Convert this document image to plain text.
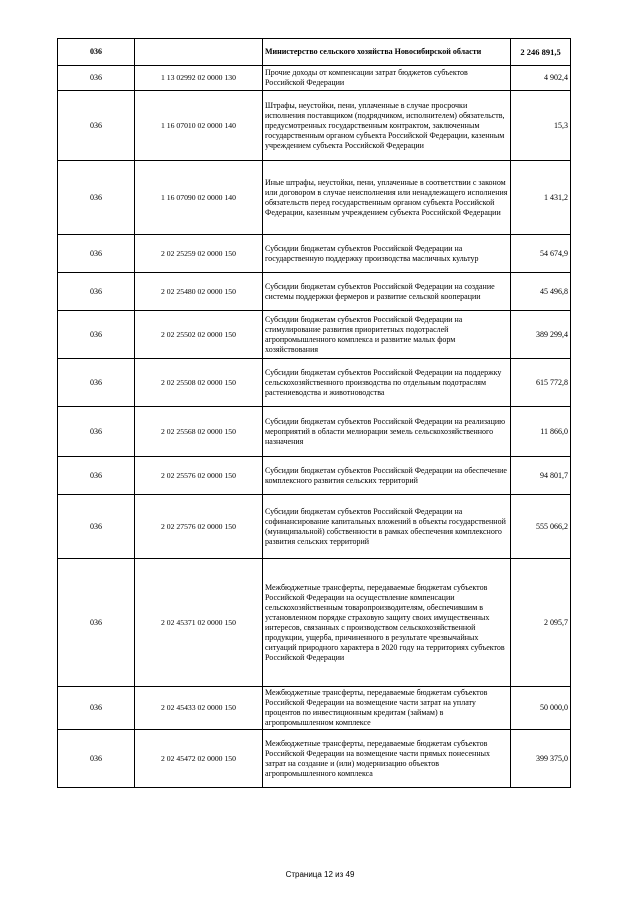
036		Министерство сельского хозяйства Новосибирской области	2 246 891,5
036	1 13 02992 02 0000 130	Прочие доходы от компенсации затрат бюджетов субъектов Российской Федерации	4 902,4
036	1 16 07010 02 0000 140	Штрафы, неустойки, пени, уплаченные в случае просрочки исполнения поставщиком (подрядчиком, исполнителем) обязательств, предусмотренных государственным контрактом, заключенным государственным органом субъекта Российской Федерации, казенным учреждением субъекта Российской Федерации	15,3
036	1 16 07090 02 0000 140	Иные штрафы, неустойки, пени, уплаченные в соответствии с законом или договором в случае неисполнения или ненадлежащего исполнения обязательств перед государственным органом субъекта Российской Федерации, казенным учреждением субъекта Российской Федерации	1 431,2
036	2 02 25259 02 0000 150	Субсидии бюджетам субъектов Российской Федерации на государственную поддержку производства масличных культур	54 674,9
036	2 02 25480 02 0000 150	Субсидии бюджетам субъектов Российской Федерации на создание системы поддержки фермеров и развитие сельской кооперации	45 496,8
036	2 02 25502 02 0000 150	Субсидии бюджетам субъектов Российской Федерации на стимулирование развития приоритетных подотраслей агропромышленного комплекса и развитие малых форм хозяйствования	389 299,4
036	2 02 25508 02 0000 150	Субсидии бюджетам субъектов Российской Федерации на поддержку сельскохозяйственного производства по отдельным подотраслям растениеводства и животноводства	615 772,8
036	2 02 25568 02 0000 150	Субсидии бюджетам субъектов Российской Федерации на реализацию мероприятий в области мелиорации земель сельскохозяйственного назначения	11 866,0
036	2 02 25576 02 0000 150	Субсидии бюджетам субъектов Российской Федерации на обеспечение комплексного развития сельских территорий	94 801,7
036	2 02 27576 02 0000 150	Субсидии бюджетам субъектов Российской Федерации на софинансирование капитальных вложений в объекты государственной (муниципальной) собственности в рамках обеспечения комплексного развития сельских территорий	555 066,2
036	2 02 45371 02 0000 150	Межбюджетные трансферты, передаваемые бюджетам субъектов Российской Федерации на осуществление компенсации сельскохозяйственным товаропроизводителям, обеспечившим в установленном порядке страховую защиту своих имущественных интересов, связанных с производством сельскохозяйственной продукции, ущерба, причиненного в результате чрезвычайных ситуаций природного характера в 2020 году на территориях субъектов Российской Федерации	2 095,7
036	2 02 45433 02 0000 150	Межбюджетные трансферты, передаваемые бюджетам субъектов Российской Федерации на возмещение части затрат на уплату процентов по инвестиционным кредитам (займам) в агропромышленном комплексе	50 000,0
036	2 02 45472 02 0000 150	Межбюджетные трансферты, передаваемые бюджетам субъектов Российской Федерации на возмещение части прямых понесенных затрат на создание и (или) модернизацию объектов агропромышленного комплекса	399 375,0
Страница 12 из 49
